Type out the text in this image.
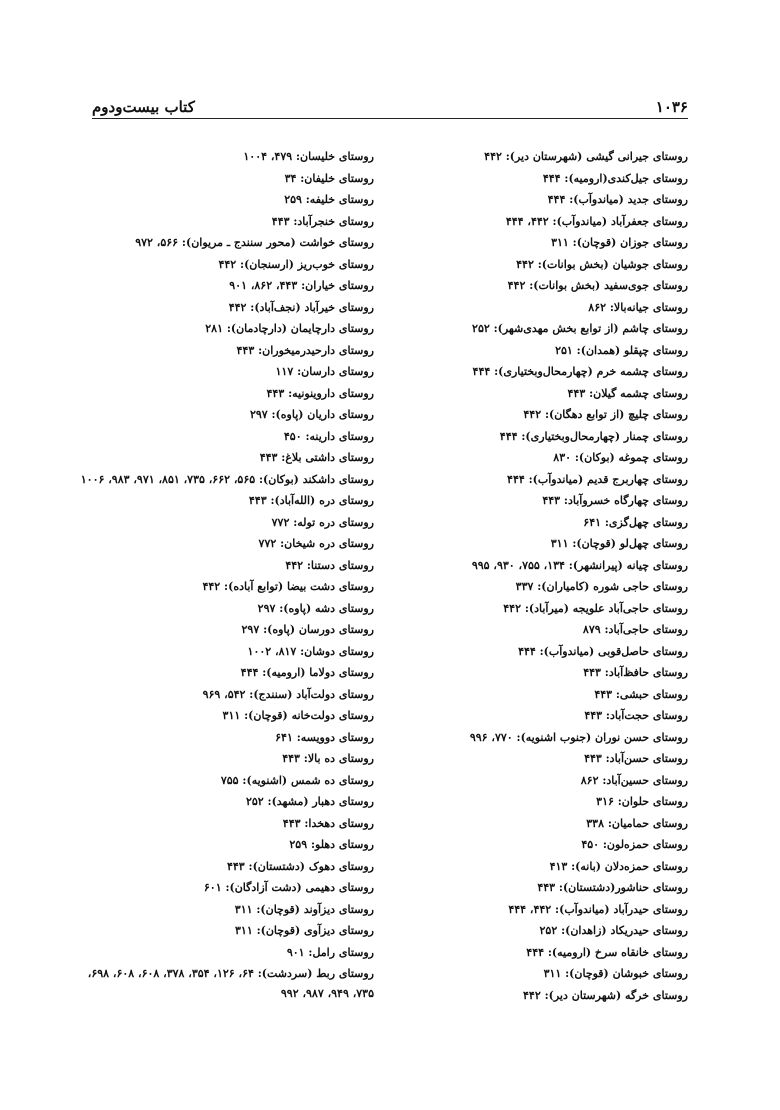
۱۰۳۶
کتاب بیست‌ودوم
روستای جیرانی گیشی (شهرستان دیر): ۴۴۲
روستای جیل‌کندی(ارومیه): ۴۴۴
روستای جدید (میاندوآب): ۴۴۴
روستای جعفرآباد (میاندوآب): ۴۴۲، ۴۴۴
روستای جوزان (قوچان): ۳۱۱
روستای جوشیان (بخش بوانات): ۴۴۲
روستای جوی‌سفید (بخش بوانات): ۴۴۲
روستای جیانه‌بالا: ۸۶۲
روستای چاشم (از توابع بخش مهدی‌شهر): ۲۵۲
روستای چپقلو (همدان): ۲۵۱
روستای چشمه خرم (چهارمحال‌وبختیاری): ۴۴۴
روستای چشمه گیلان: ۴۴۳
روستای چلیچ (از توابع دهگان): ۴۴۲
روستای چمنار (چهارمحال‌وبختیاری): ۴۴۴
روستای چموغه (بوکان): ۸۳۰
روستای چهاربرج قدیم (میاندوآب): ۴۴۴
روستای چهارگاه خسروآباد: ۴۴۳
روستای چهل‌گزی: ۶۴۱
روستای چهل‌لو (قوچان): ۳۱۱
روستای چیانه (پیرانشهر): ۱۳۴، ۷۵۵، ۹۳۰، ۹۹۵
روستای حاجی شوره (کامیاران): ۳۳۷
روستای حاجی‌آباد علویجه (میرآباد): ۴۴۲
روستای حاجی‌آباد: ۸۷۹
روستای حاصل‌قوبی (میاندوآب): ۴۴۴
روستای حافظ‌آباد: ۴۴۳
روستای حبشی: ۴۴۳
روستای حجت‌آباد: ۴۴۳
روستای حسن نوران (جنوب اشنویه): ۷۷۰، ۹۹۶
روستای حسن‌آباد: ۴۴۳
روستای حسین‌آباد: ۸۶۲
روستای حلوان: ۳۱۶
روستای حمامیان: ۳۳۸
روستای حمزه‌لون: ۴۵۰
روستای حمزه‌دلان (بانه): ۴۱۳
روستای حناشور(دشتستان): ۴۴۳
روستای حیدرآباد (میاندوآب): ۴۴۲، ۴۴۴
روستای حیدریکاد (زاهدان): ۲۵۲
روستای خانقاه سرخ (ارومیه): ۴۴۴
روستای خبوشان (قوچان): ۳۱۱
روستای خرگه (شهرستان دیر): ۴۴۲
روستای خلیسان: ۴۷۹، ۱۰۰۴
روستای خلیفان: ۳۴
روستای خلیفه: ۲۵۹
روستای خنجرآباد: ۴۴۳
روستای خواشت (محور سنندج ـ مریوان): ۵۶۶، ۹۷۲
روستای خوب‌ریز (ارسنجان): ۴۴۲
روستای خیاران: ۴۴۳، ۸۶۲، ۹۰۱
روستای خیرآباد (نجف‌آباد): ۴۴۲
روستای دارچایمان (دارچادمان): ۲۸۱
روستای دارحیدرمیخوران: ۴۴۳
روستای دارسان: ۱۱۷
روستای داروینونیه: ۴۴۳
روستای داریان (پاوه): ۲۹۷
روستای دارینه: ۴۵۰
روستای داشتی بلاغ: ۴۴۳
روستای داشکند (بوکان): ۵۶۵، ۶۶۲، ۷۳۵، ۸۵۱، ۹۷۱، ۹۸۳، ۱۰۰۶
روستای دره (الله‌آباد): ۴۴۳
روستای دره توله: ۷۷۲
روستای دره شیخان: ۷۷۲
روستای دستنا: ۴۴۲
روستای دشت بیضا (توابع آباده): ۴۴۲
روستای دشه (پاوه): ۲۹۷
روستای دورسان (پاوه): ۲۹۷
روستای دوشان: ۸۱۷، ۱۰۰۲
روستای دولاما (ارومیه): ۴۴۴
روستای دولت‌آباد (سنندج): ۵۴۲، ۹۶۹
روستای دولت‌خانه (قوچان): ۳۱۱
روستای دوویسه: ۶۴۱
روستای ده بالا: ۴۴۳
روستای ده شمس (اشنویه): ۷۵۵
روستای دهبار (مشهد): ۲۵۲
روستای دهخدا: ۴۴۳
روستای دهلو: ۲۵۹
روستای دهوک (دشتستان): ۴۴۳
روستای دهیمی (دشت آزادگان): ۶۰۱
روستای دیزآوند (قوچان): ۳۱۱
روستای دیزآوی (قوچان): ۳۱۱
روستای رامل: ۹۰۱
روستای ربط (سردشت): ۶۴، ۱۲۶، ۳۵۴، ۳۷۸، ۶۰۸، ۶۰۸، ۶۹۸، ۷۳۵، ۹۴۹، ۹۸۷، ۹۹۲
